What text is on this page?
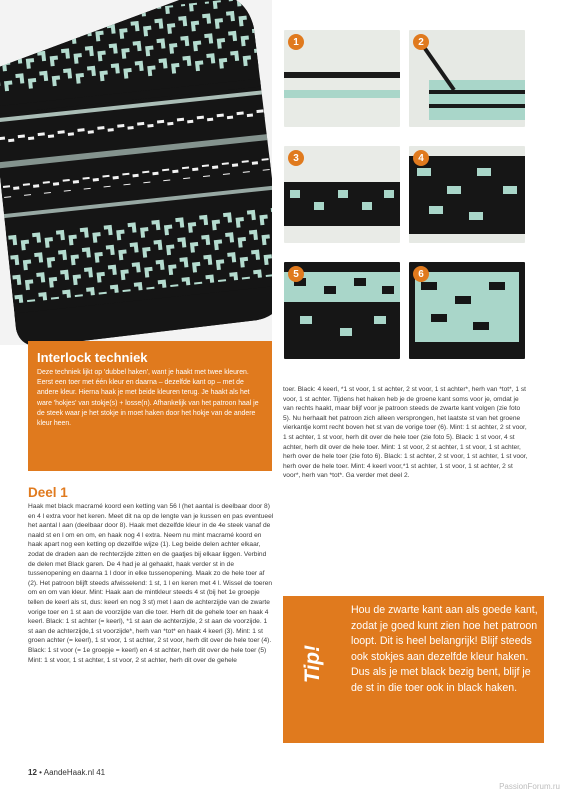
1	2
3	4
5	6
Interlock techniek

Deze techniek lijkt op 'dubbel haken', want je haakt met twee kleuren. Eerst een toer met één kleur en daarna – dezelfde kant op – met de andere kleur. Hierna haak je met beide kleuren terug. Je haakt als het ware 'hokjes' van stokje(s) + losse(n). Afhankelijk van het patroon haal je de steek waar je het stokje in moet haken door het hokje van de andere kleur heen.

Deel 1

Haak met black macramé koord een ketting van 56 l (het aantal is deelbaar door 8) en 4 l extra voor het keren. Meet dit na op de lengte van je kussen en pas eventueel het aantal l aan (deelbaar door 8). Haak met dezelfde kleur in de 4e steek vanaf de naald st en l om en om, en haak nog 4 l extra. Neem nu mint macramé koord en haak apart nog een ketting op dezelfde wijze (1). Leg beide delen achter elkaar, zodat de draden aan de rechterzijde zitten en de gaatjes bij elkaar liggen. Verbind de delen met Black garen. De 4 had je al gehaakt, haak verder st in de tussenopening en daarna 1 l door in elke tussenopening. Maak zo de hele toer af (2). Het patroon blijft steeds afwisselend: 1 st, 1 l en keren met 4 l. Wissel de toeren om en om van kleur. Mint: Haak aan de mintkleur steeds 4 st (bij het 1e groepje tellen de keerl als st, dus: keerl en nog 3 st) met l aan de achterzijde van de zwarte vorige toer en 1 st aan de voorzijde van die toer. Herh dit de gehele toer en haak 4 keerl. Black: 1 st achter (= keerl), *1 st aan de achterzijde, 2 st aan de voorzijde. 1 st aan de achterzijde,1 st voorzijde*, herh van *tot* en haak 4 keerl (3). Mint: 1 st groen achter (= keerl), 1 st voor, 1 st achter, 2 st voor, herh dit over de hele toer (4). Black: 1 st voor (= 1e groepje = keerl) en 4 st achter, herh dit over de hele toer (5) Mint: 1 st voor, 1 st achter, 1 st voor, 2 st achter, herh dit over de gehele

toer. Black: 4 keerl, *1 st voor, 1 st achter, 2 st voor, 1 st achter*, herh van *tot*, 1 st voor, 1 st achter. Tijdens het haken heb je de groene kant soms voor je, omdat je van rechts haakt, maar blijf voor je patroon steeds de zwarte kant volgen (zie foto 5). Nu herhaalt het patroon zich alleen versprongen, het laatste st van het groene vierkantje komt recht boven het st van de vorige toer (6). Mint: 1 st achter, 2 st voor, 1 st achter, 1 st voor, herh dit over de hele toer (zie foto 5). Black: 1 st voor, 4 st achter, herh dit over de hele toer. Mint: 1 st voor, 2 st achter, 1 st voor, 1 st achter, herh over de hele toer (zie foto 6). Black: 1 st achter, 2 st voor, 1 st achter, 1 st voor, herh over de hele toer. Mint: 4 keerl voor,*1 st achter, 1 st voor, 1 st achter, 2 st voor*, herh van *tot*. Ga verder met deel 2.

Tip!

Hou de zwarte kant aan als goede kant, zodat je goed kunt zien hoe het patroon loopt. Dit is heel belangrijk! Blijf steeds ook stokjes aan dezelfde kleur haken. Dus als je met black bezig bent, blijf je de st in die toer ook in black haken.

12 • AandeHaak.nl 41
PassionForum.ru
